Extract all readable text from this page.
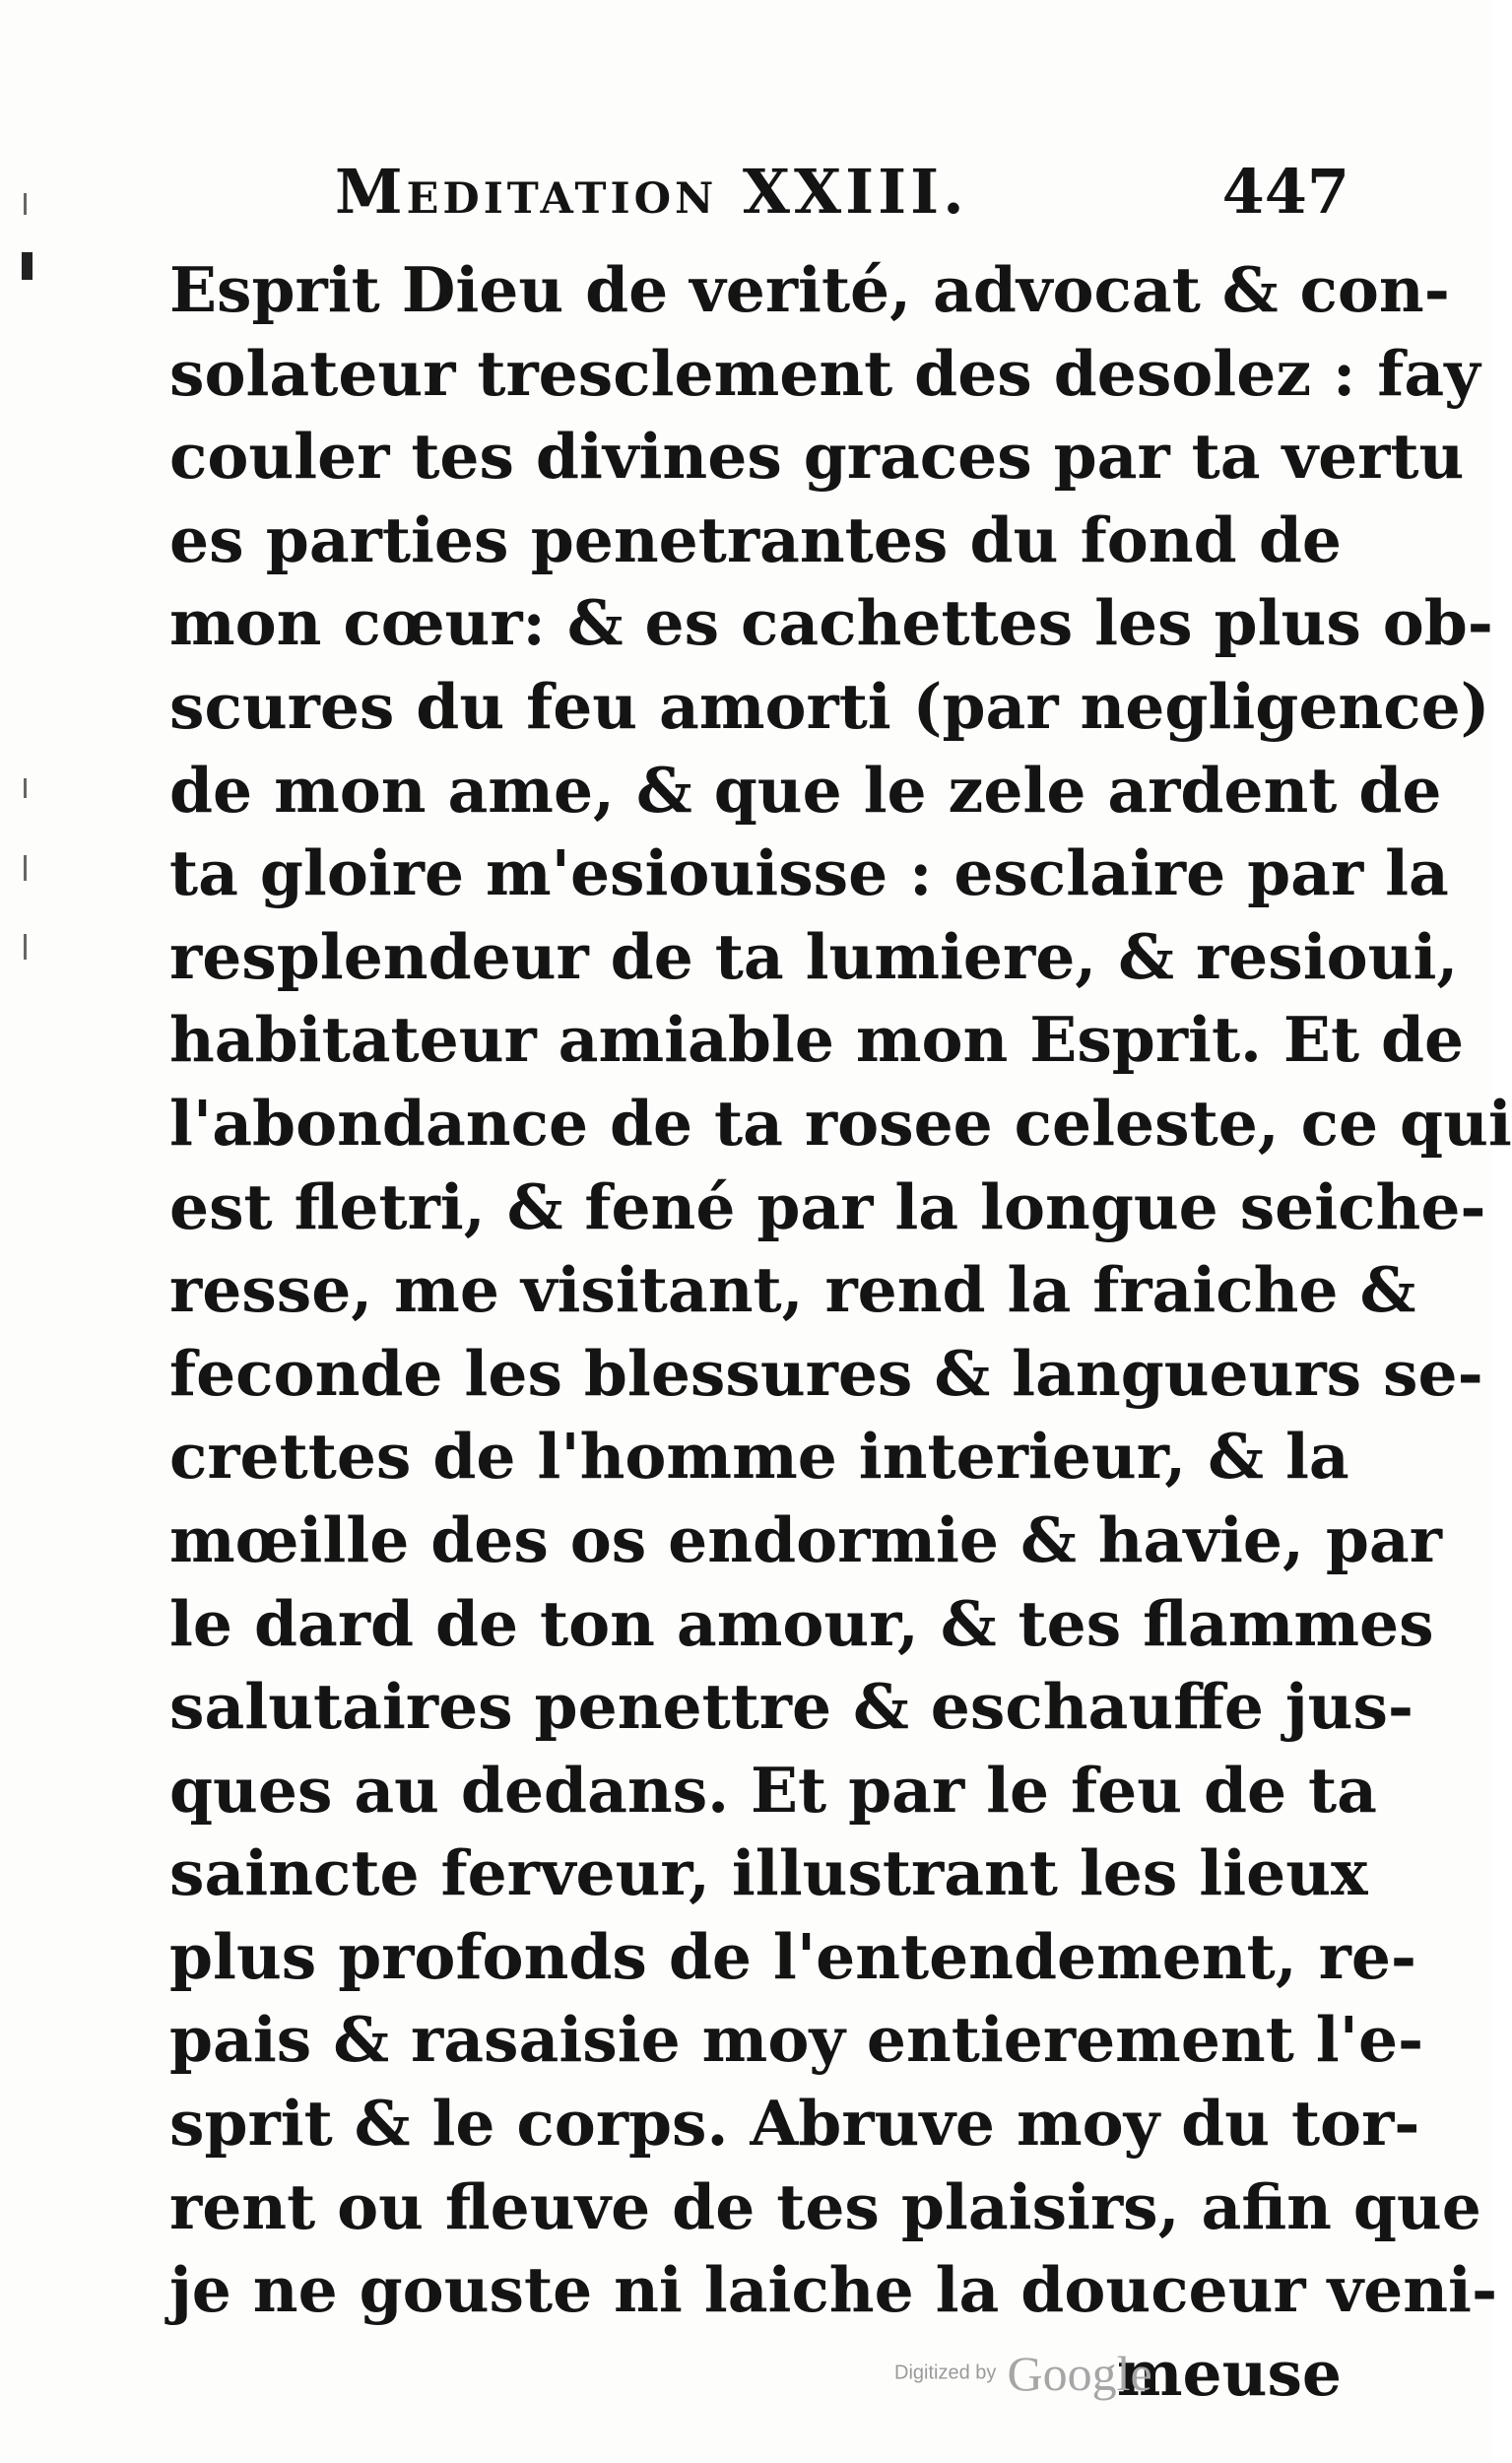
Meditation XXIII.	447
Esprit Dieu de verité, advocat & con-
solateur tresclement des desolez : fay
couler tes divines graces par ta vertu
es parties penetrantes du fond de
mon cœur: & es cachettes les plus ob-
scures du feu amorti (par negligence)
de mon ame, & que le zele ardent de
ta gloire m'esiouisse : esclaire par la
resplendeur de ta lumiere, & resioui,
habitateur amiable mon Esprit. Et de
l'abondance de ta rosee celeste, ce qui
est fletri, & fené par la longue seiche-
resse, me visitant, rend la fraiche &
feconde les blessures & langueurs se-
crettes de l'homme interieur, & la
mœille des os endormie & havie, par
le dard de ton amour, & tes flammes
salutaires penettre & eschauffe jus-
ques au dedans. Et par le feu de ta
saincte ferveur, illustrant les lieux
plus profonds de l'entendement, re-
pais & rasaisie moy entierement l'e-
sprit & le corps. Abruve moy du tor-
rent ou fleuve de tes plaisirs, afin que
je ne gouste ni laiche la douceur veni-
meuse
Digitized by Google
